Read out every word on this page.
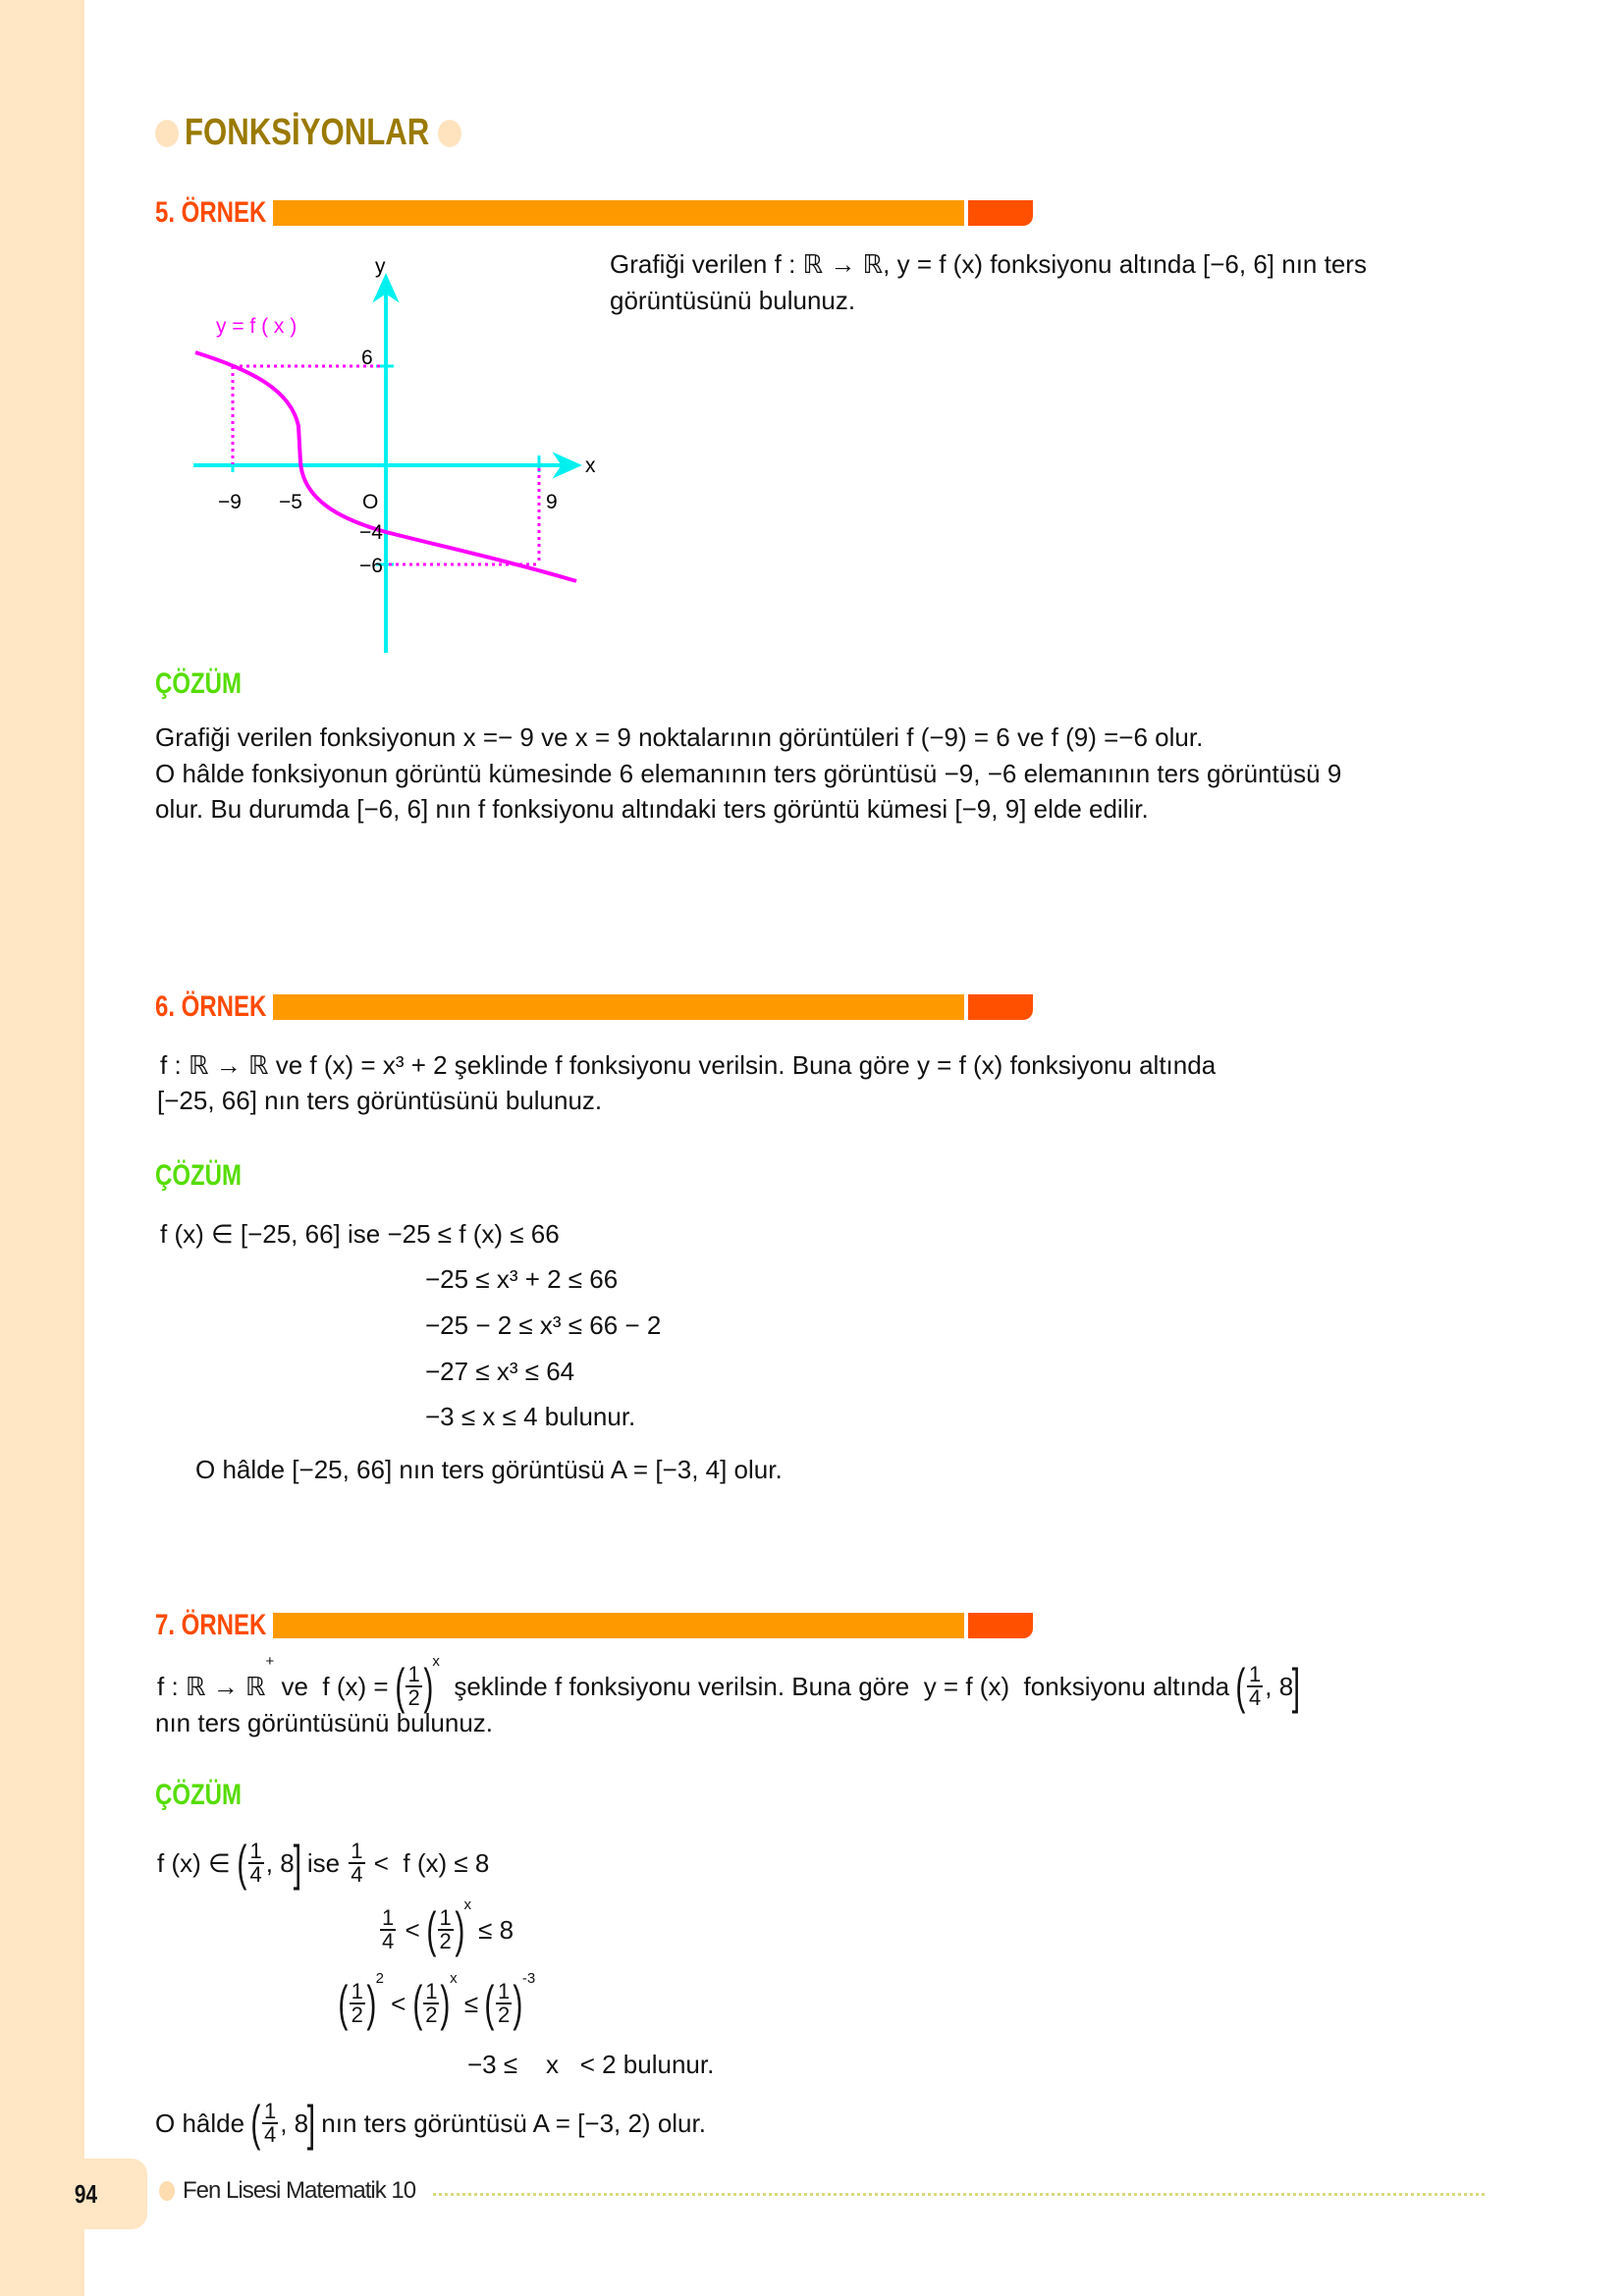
FONKSİYONLAR
5. ÖRNEK
y
x
y = f ( x )
6
−9 −5	O	9
−4
−6
Grafiği verilen f : ℝ → ℝ, y = f (x) fonksiyonu altında [−6, 6] nın ters
görüntüsünü bulunuz.
ÇÖZÜM
Grafiği verilen fonksiyonun x =− 9 ve x = 9 noktalarının görüntüleri f (−9) = 6 ve f (9) =−6 olur.
O hâlde fonksiyonun görüntü kümesinde 6 elemanının ters görüntüsü −9, −6 elemanının ters görüntüsü 9
olur. Bu durumda [−6, 6] nın f fonksiyonu altındaki ters görüntü kümesi [−9, 9] elde edilir.
6. ÖRNEK
f : ℝ → ℝ ve f (x) = x³ + 2 şeklinde f fonksiyonu verilsin. Buna göre y = f (x) fonksiyonu altında
[−25, 66] nın ters görüntüsünü bulunuz.
ÇÖZÜM
f (x) ∈ [−25, 66] ise −25 ≤ f (x) ≤ 66
−25 ≤ x³ + 2 ≤ 66
−25 − 2 ≤ x³ ≤ 66 − 2
−27 ≤ x³ ≤ 64
−3 ≤ x ≤ 4 bulunur.
O hâlde [−25, 66] nın ters görüntüsü A = [−3, 4] olur.
7. ÖRNEK
f : ℝ → ℝ
+
ve  f (x) = ( $\frac{1}{2}$ ) x
şeklinde f fonksiyonu verilsin. Buna göre  y = f (x)  fonksiyonu altında ( $\frac{1}{4}$ , 8
]
nın ters görüntüsünü bulunuz.
ÇÖZÜM
f (x) ∈ ( $\frac{1}{4}$ , 8
]
ise $\frac{1}{4} < f$ (x) ≤ 8
$\frac{1}{4}$ < ( $\frac{1}{2}$ ) x
≤ 8
( $\frac{1}{2}$ ) 2
< ( $\frac{1}{2}$ ) x
≤ ( $\frac{1}{2}$ ) -3
−3 ≤    x   < 2 bulunur.
O hâlde ( $\frac{1}{4}$ , 8
]
nın ters görüntüsü A = [−3, 2) olur.
94	Fen Lisesi Matematik 10
